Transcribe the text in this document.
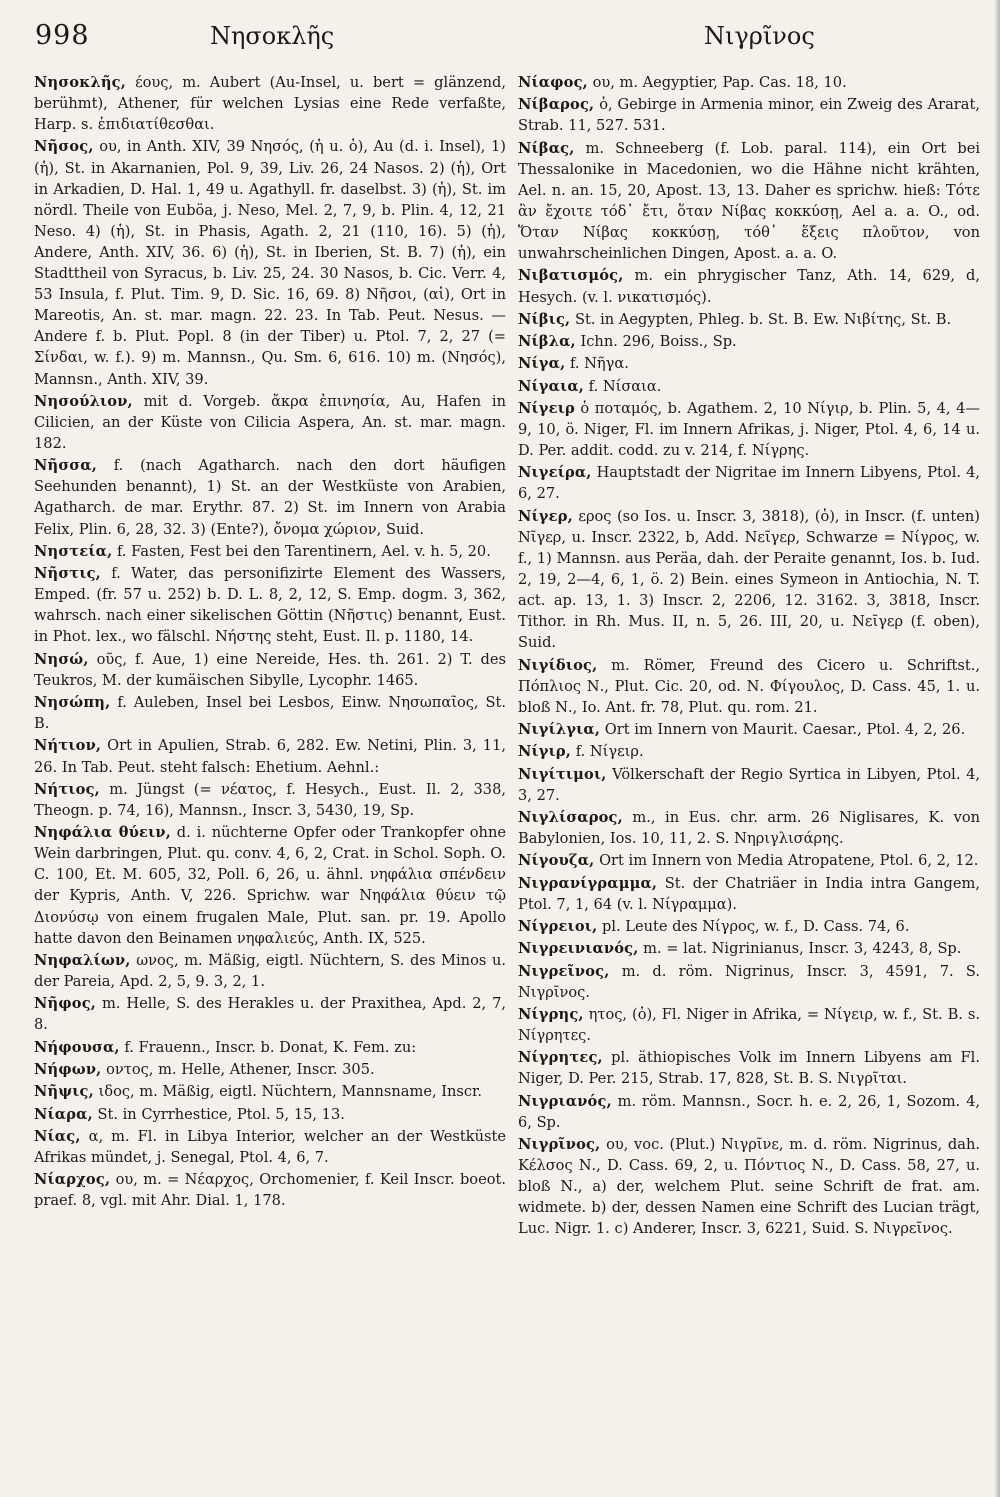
998	Νησοκλῆς	Νιγρῖνος

Νησοκλῆς, έους, m. Aubert (Au-Insel, u. bert = glänzend, berühmt), Athener, für welchen Lysias eine Rede verfaßte, Harp. s. ἐπιδιατίθεσθαι.

Νῆσος, ου, in Anth. XIV, 39 Νησός, (ἡ u. ὁ), Au (d. i. Insel), 1) (ἡ), St. in Akarnanien, Pol. 9, 39, Liv. 26, 24 Nasos. 2) (ἡ), Ort in Arkadien, D. Hal. 1, 49 u. Agathyll. fr. daselbst. 3) (ἡ), St. im nördl. Theile von Euböa, j. Neso, Mel. 2, 7, 9, b. Plin. 4, 12, 21 Neso. 4) (ἡ), St. in Phasis, Agath. 2, 21 (110, 16). 5) (ἡ), Andere, Anth. XIV, 36. 6) (ἡ), St. in Iberien, St. B. 7) (ἡ), ein Stadttheil von Syracus, b. Liv. 25, 24. 30 Nasos, b. Cic. Verr. 4, 53 Insula, f. Plut. Tim. 9, D. Sic. 16, 69. 8) Νῆσοι, (αἱ), Ort in Mareotis, An. st. mar. magn. 22. 23. In Tab. Peut. Nesus. — Andere f. b. Plut. Popl. 8 (in der Tiber) u. Ptol. 7, 2, 27 (= Σίνδαι, w. f.). 9) m. Mannsn., Qu. Sm. 6, 616. 10) m. (Νησός), Mannsn., Anth. XIV, 39.

Νησούλιον, mit d. Vorgeb. ἄκρα ἐπινησία, Au, Hafen in Cilicien, an der Küste von Cilicia Aspera, An. st. mar. magn. 182.

Νῆσσα, f. (nach Agatharch. nach den dort häufigen Seehunden benannt), 1) St. an der Westküste von Arabien, Agatharch. de mar. Erythr. 87. 2) St. im Innern von Arabia Felix, Plin. 6, 28, 32. 3) (Ente?), ὄνομα χώριον, Suid.

Νηστεία, f. Fasten, Fest bei den Tarentinern, Ael. v. h. 5, 20.

Νῆστις, f. Water, das personifizirte Element des Wassers, Emped. (fr. 57 u. 252) b. D. L. 8, 2, 12, S. Emp. dogm. 3, 362, wahrsch. nach einer sikelischen Göttin (Νῆστις) benannt, Eust. in Phot. lex., wo fälschl. Νήστης steht, Eust. Il. p. 1180, 14.

Νησώ, οῦς, f. Aue, 1) eine Nereide, Hes. th. 261. 2) T. des Teukros, M. der kumäischen Sibylle, Lycophr. 1465.

Νησώπη, f. Auleben, Insel bei Lesbos, Einw. Νησωπαῖος, St. B.

Νήτιον, Ort in Apulien, Strab. 6, 282. Ew. Netini, Plin. 3, 11, 26. In Tab. Peut. steht falsch: Ehetium. Aehnl.:

Νήτιος, m. Jüngst (= νέατος, f. Hesych., Eust. Il. 2, 338, Theogn. p. 74, 16), Mannsn., Inscr. 3, 5430, 19, Sp.

Νηφάλια θύειν, d. i. nüchterne Opfer oder Trankopfer ohne Wein darbringen, Plut. qu. conv. 4, 6, 2, Crat. in Schol. Soph. O. C. 100, Et. M. 605, 32, Poll. 6, 26, u. ähnl. νηφάλια σπένδειν der Kypris, Anth. V, 226. Sprichw. war Νηφάλια θύειν τῷ Διονύσῳ von einem frugalen Male, Plut. san. pr. 19. Apollo hatte davon den Beinamen νηφαλιεύς, Anth. IX, 525.

Νηφαλίων, ωνος, m. Mäßig, eigtl. Nüchtern, S. des Minos u. der Pareia, Apd. 2, 5, 9. 3, 2, 1.

Νῆφος, m. Helle, S. des Herakles u. der Praxithea, Apd. 2, 7, 8.

Νήφουσα, f. Frauenn., Inscr. b. Donat, K. Fem. zu:

Νήφων, οντος, m. Helle, Athener, Inscr. 305.

Νῆψις, ιδος, m. Mäßig, eigtl. Nüchtern, Mannsname, Inscr.

Νίαρα, St. in Cyrrhestice, Ptol. 5, 15, 13.

Νίας, α, m. Fl. in Libya Interior, welcher an der Westküste Afrikas mündet, j. Senegal, Ptol. 4, 6, 7.

Νίαρχος, ου, m. = Νέαρχος, Orchomenier, f. Keil Inscr. boeot. praef. 8, vgl. mit Ahr. Dial. 1, 178.

Νίαφος, ου, m. Aegyptier, Pap. Cas. 18, 10.

Νίβαρος, ὁ, Gebirge in Armenia minor, ein Zweig des Ararat, Strab. 11, 527. 531.

Νίβας, m. Schneeberg (f. Lob. paral. 114), ein Ort bei Thessalonike in Macedonien, wo die Hähne nicht krähten, Ael. n. an. 15, 20, Apost. 13, 13. Daher es sprichw. hieß: Τότε ἂν ἔχοιτε τόδ᾽ ἔτι, ὅταν Νίβας κοκκύσῃ, Ael a. a. O., od. Ὅταν Νίβας κοκκύσῃ, τόθ᾽ ἕξεις πλοῦτον, von unwahrscheinlichen Dingen, Apost. a. a. O.

Νιβατισμός, m. ein phrygischer Tanz, Ath. 14, 629, d, Hesych. (v. l. νικατισμός).

Νίβις, St. in Aegypten, Phleg. b. St. B. Ew. Νιβίτης, St. B.

Νίβλα, Ichn. 296, Boiss., Sp.

Νίγα, f. Νῆγα.

Νίγαια, f. Νίσαια.

Νίγειρ ὁ ποταμός, b. Agathem. 2, 10 Νίγιρ, b. Plin. 5, 4, 4—9, 10, ö. Niger, Fl. im Innern Afrikas, j. Niger, Ptol. 4, 6, 14 u. D. Per. addit. codd. zu v. 214, f. Νίγρης.

Νιγείρα, Hauptstadt der Nigritae im Innern Libyens, Ptol. 4, 6, 27.

Νίγερ, ερος (so Ios. u. Inscr. 3, 3818), (ὁ), in Inscr. (f. unten) Νῖγερ, u. Inscr. 2322, b, Add. Νεῖγερ, Schwarze = Νίγρος, w. f., 1) Mannsn. aus Peräa, dah. der Peraite genannt, Ios. b. Iud. 2, 19, 2—4, 6, 1, ö. 2) Bein. eines Symeon in Antiochia, N. T. act. ap. 13, 1. 3) Inscr. 2, 2206, 12. 3162. 3, 3818, Inscr. Tithor. in Rh. Mus. II, n. 5, 26. III, 20, u. Νεῖγερ (f. oben), Suid.

Νιγίδιος, m. Römer, Freund des Cicero u. Schriftst., Πόπλιος Ν., Plut. Cic. 20, od. Ν. Φίγουλος, D. Cass. 45, 1. u. bloß Ν., Io. Ant. fr. 78, Plut. qu. rom. 21.

Νιγίλγια, Ort im Innern von Maurit. Caesar., Ptol. 4, 2, 26.

Νίγιρ, f. Νίγειρ.

Νιγίτιμοι, Völkerschaft der Regio Syrtica in Libyen, Ptol. 4, 3, 27.

Νιγλίσαρος, m., in Eus. chr. arm. 26 Niglisares, K. von Babylonien, Ios. 10, 11, 2. S. Νηριγλισάρης.

Νίγουζα, Ort im Innern von Media Atropatene, Ptol. 6, 2, 12.

Νιγρανίγραμμα, St. der Chatriäer in India intra Gangem, Ptol. 7, 1, 64 (v. l. Νίγραμμα).

Νίγρειοι, pl. Leute des Νίγρος, w. f., D. Cass. 74, 6.

Νιγρεινιανός, m. = lat. Nigrinianus, Inscr. 3, 4243, 8, Sp.

Νιγρεῖνος, m. d. röm. Nigrinus, Inscr. 3, 4591, 7. S. Νιγρῖνος.

Νίγρης, ητος, (ὁ), Fl. Niger in Afrika, = Νίγειρ, w. f., St. B. s. Νίγρητες.

Νίγρητες, pl. äthiopisches Volk im Innern Libyens am Fl. Niger, D. Per. 215, Strab. 17, 828, St. B. S. Νιγρῖται.

Νιγριανός, m. röm. Mannsn., Socr. h. e. 2, 26, 1, Sozom. 4, 6, Sp.

Νιγρῖνος, ου, voc. (Plut.) Νιγρῖνε, m. d. röm. Nigrinus, dah. Κέλσος Ν., D. Cass. 69, 2, u. Πόντιος Ν., D. Cass. 58, 27, u. bloß Ν., a) der, welchem Plut. seine Schrift de frat. am. widmete. b) der, dessen Namen eine Schrift des Lucian trägt, Luc. Nigr. 1. c) Anderer, Inscr. 3, 6221, Suid. S. Νιγρεῖνος.
